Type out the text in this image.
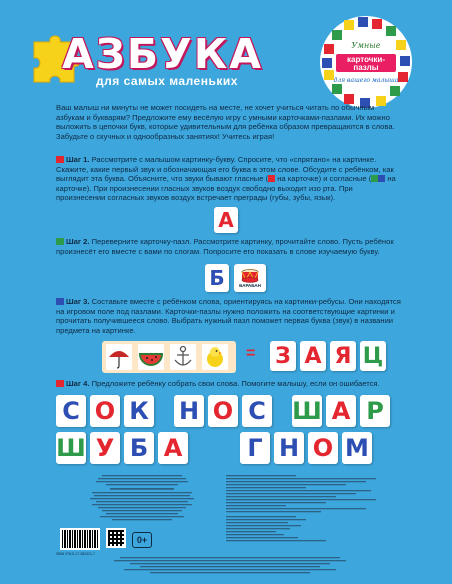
АЗБУКА
для самых маленьких
Умные
карточки-
пазлы
для вашего малыша
Ваш малыш ни минуты не может посидеть на месте, не хочет учиться читать по обычным азбукам и букварям? Предложите ему весёлую игру с умными карточками-пазлами. Их можно выложить в цепочки букв, которые удивительным для ребёнка образом превращаются в слова. Забудьте о скучных и однообразных занятиях! Учитесь играя!
Шаг 1. Рассмотрите с малышом картинку-букву. Спросите, что «спрятано» на картинке. Скажите, какие первый звук и обозначающая его буква в этом слове. Обсудите с ребёнком, как выглядит эта буква. Объясните, что звуки бывают гласные ( на карточке) и согласные ( на карточке). При произнесении гласных звуков воздух свободно выходит изо рта. При произнесении согласных звуков воздух встречает преграды (губы, зубы, язык).
А
Шаг 2. Переверните карточку-пазл. Рассмотрите картинку, прочитайте слово. Пусть ребёнок произнесёт его вместе с вами по слогам. Попросите его показать в слове изучаемую букву.
Б	БАРАБАН
Шаг 3. Составьте вместе с ребёнком слова, ориентируясь на картинки-ребусы. Они находятся на игровом поле под пазлами. Карточки-пазлы нужно положить на соответствующие картинки и прочитать получившееся слово. Выбрать нужный пазл поможет первая буква (звук) в названии предмета на картинке.
= З А Я Ц
Шаг 4. Предложите ребёнку собрать свои слова. Помогите малышу, если он ошибается.
С О К Н О С Ш А Р
Ш У Б А	Г Н О М
ISBN 978-5-17-082421-7
0+
